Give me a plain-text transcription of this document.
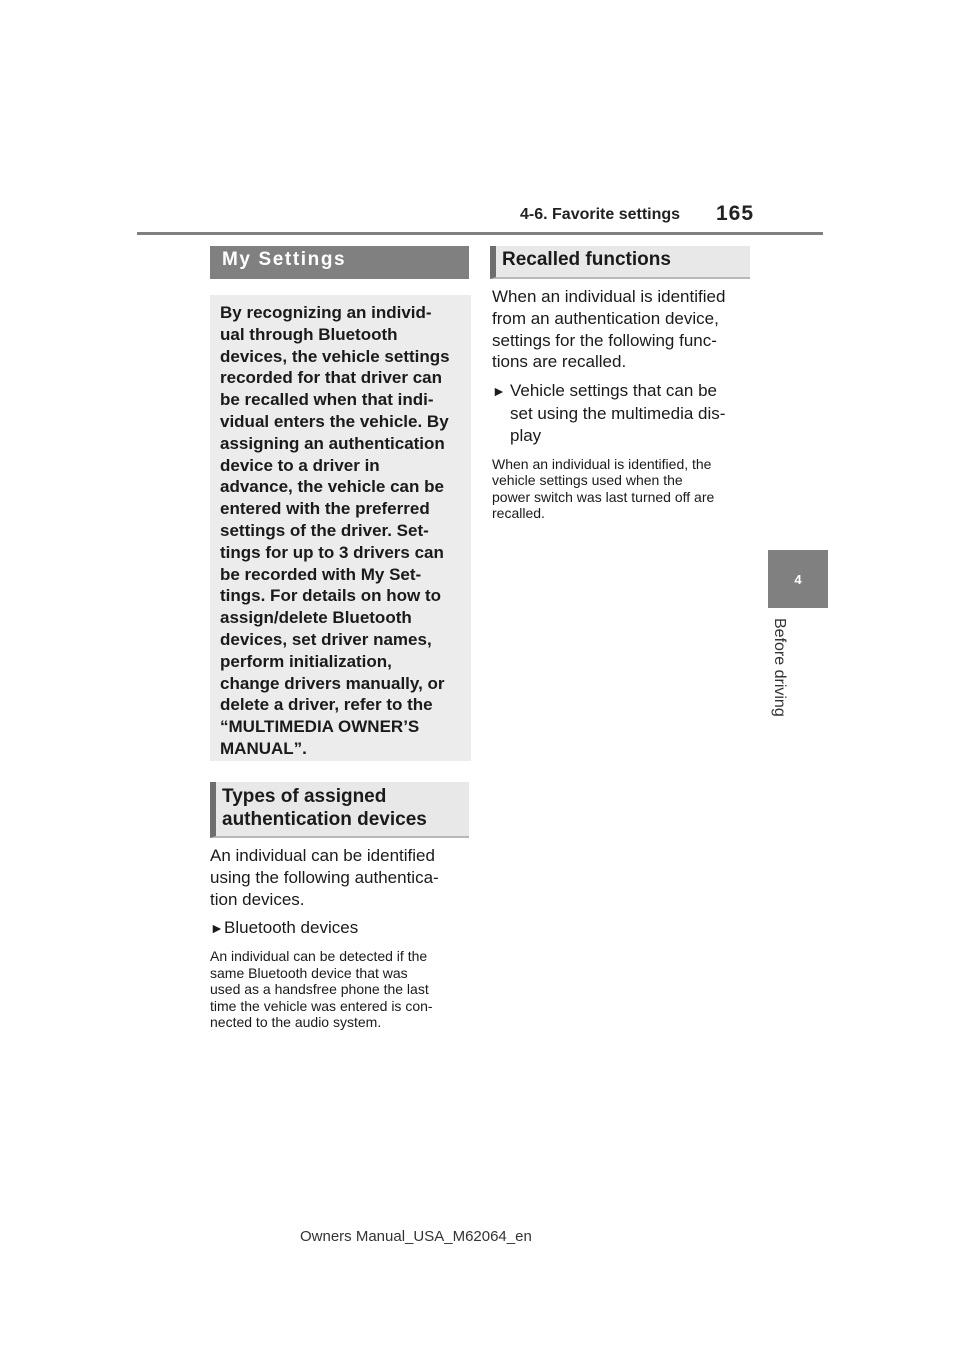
4-6. Favorite settings 165
4
Before driving
My Settings

By recognizing an individ-

ual through Bluetooth

devices, the vehicle settings

recorded for that driver can

be recalled when that indi-

vidual enters the vehicle. By

assigning an authentication

device to a driver in

advance, the vehicle can be

entered with the preferred

settings of the driver. Set-

tings for up to 3 drivers can

be recorded with My Set-

tings. For details on how to

assign/delete Bluetooth

devices, set driver names,

perform initialization,

change drivers manually, or

delete a driver, refer to the

“MULTIMEDIA OWNER’S

MANUAL”.

Types of assigned
authentication devices

An individual can be identified

using the following authentica-

tion devices.

►Bluetooth devices

An individual can be detected if the

same Bluetooth device that was

used as a handsfree phone the last

time the vehicle was entered is con-

nected to the audio system.

Recalled functions

When an individual is identified

from an authentication device,

settings for the following func-

tions are recalled.

► Vehicle settings that can be

set using the multimedia dis-

play

When an individual is identified, the

vehicle settings used when the

power switch was last turned off are

recalled.

Owners Manual_USA_M62064_en
